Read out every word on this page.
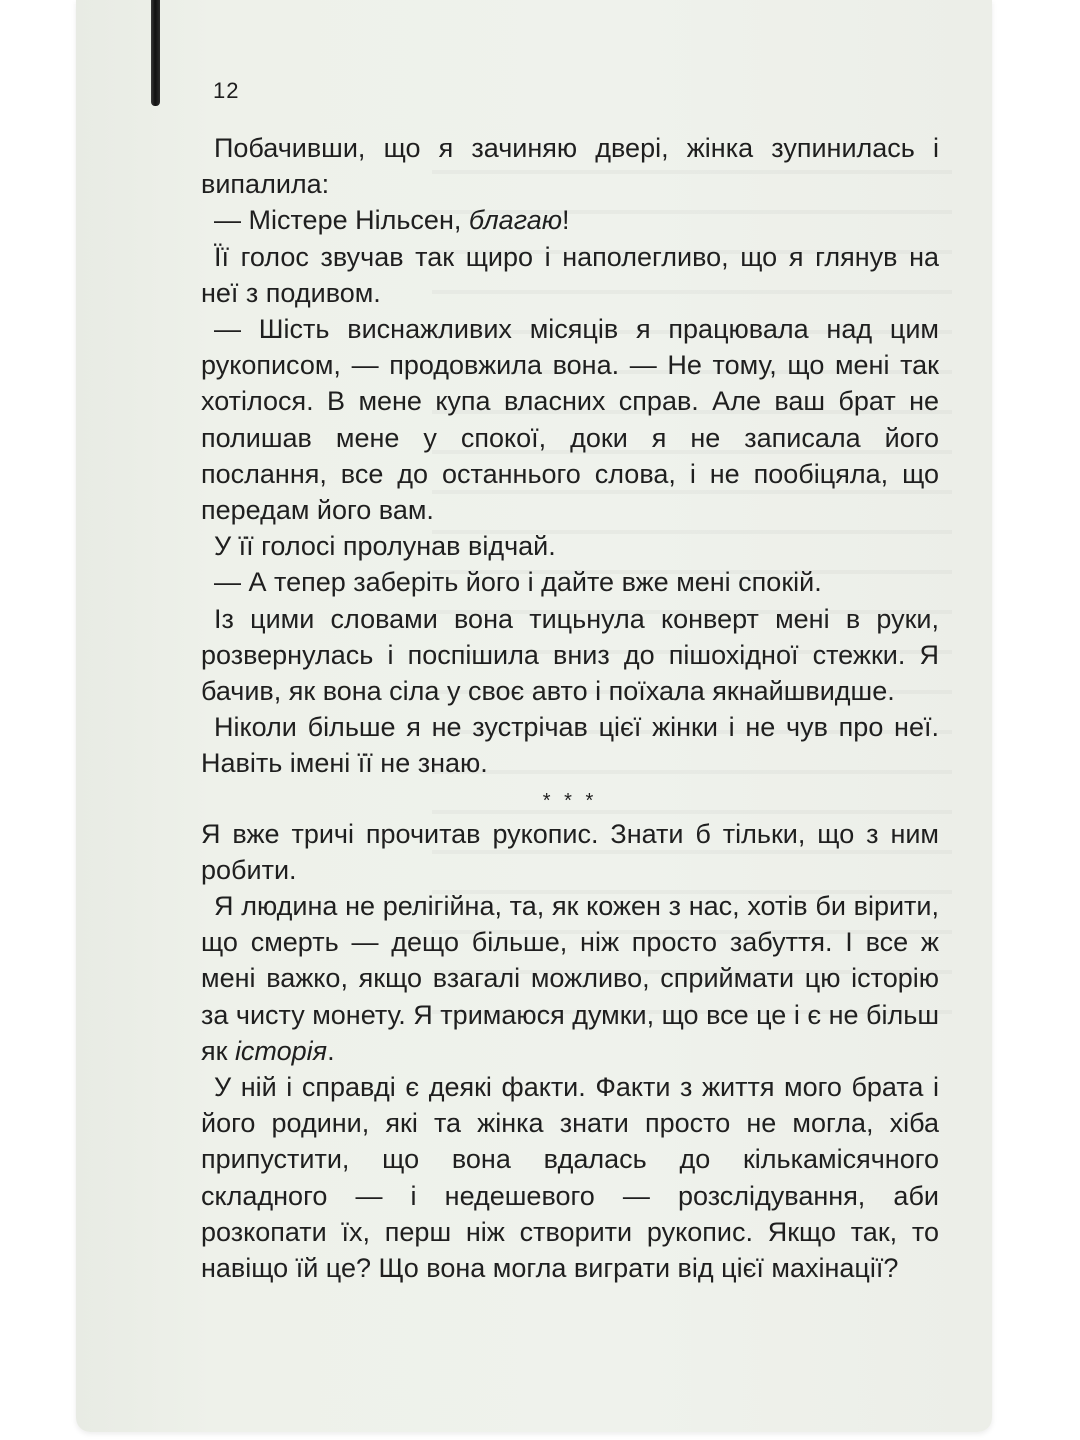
12

Побачивши, що я зачиняю двері, жінка зупинилась і випалила:

— Містере Нільсен, благаю!

Її голос звучав так щиро і наполегливо, що я глянув на неї з подивом.

— Шість виснажливих місяців я працювала над цим рукописом, — продовжила вона. — Не тому, що мені так хотілося. В мене купа власних справ. Але ваш брат не полишав мене у спокої, доки я не записала його послання, все до останнього слова, і не пообіцяла, що передам його вам.

У її голосі пролунав відчай.

— А тепер заберіть його і дайте вже мені спокій.

Із цими словами вона тицьнула конверт мені в руки, розвернулась і поспішила вниз до пішохідної стежки. Я бачив, як вона сіла у своє авто і поїхала якнайшвидше.

Ніколи більше я не зустрічав цієї жінки і не чув про неї. Навіть імені її не знаю.

* * *

Я вже тричі прочитав рукопис. Знати б тільки, що з ним робити.

Я людина не релігійна, та, як кожен з нас, хотів би вірити, що смерть — дещо більше, ніж просто забуття. І все ж мені важко, якщо взагалі можливо, сприймати цю історію за чисту монету. Я тримаюся думки, що все це і є не більш як історія.

У ній і справді є деякі факти. Факти з життя мого брата і його родини, які та жінка знати просто не могла, хіба припустити, що вона вдалась до кількамісячного складного — і недешевого — розслідування, аби розкопати їх, перш ніж створити рукопис. Якщо так, то навіщо їй це? Що вона могла виграти від цієї махінації?
